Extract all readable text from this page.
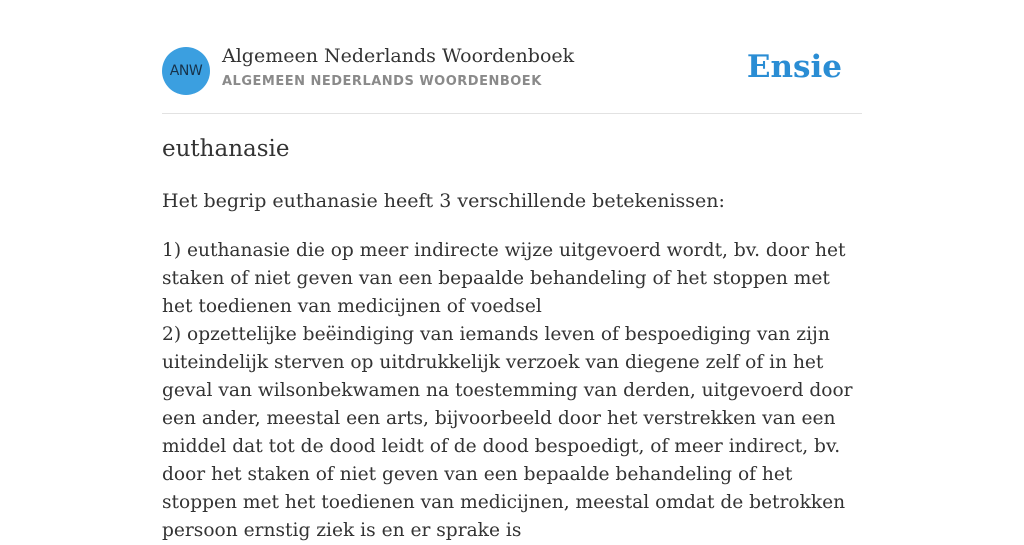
ANW
Algemeen Nederlands Woordenboek
ALGEMEEN NEDERLANDS WOORDENBOEK	Ensie
euthanasie

Het begrip euthanasie heeft 3 verschillende betekenissen:

1) euthanasie die op meer indirecte wijze uitgevoerd wordt, bv. door het staken of niet geven van een bepaalde behandeling of het stoppen met het toedienen van medicijnen of voedsel
2) opzettelijke beëindiging van iemands leven of bespoediging van zijn uiteindelijk sterven op uitdrukkelijk verzoek van diegene zelf of in het geval van wilsonbekwamen na toestemming van derden, uitgevoerd door een ander, meestal een arts, bijvoorbeeld door het verstrekken van een middel dat tot de dood leidt of de dood bespoedigt, of meer indirect, bv. door het staken of niet geven van een bepaalde behandeling of het stoppen met het toedienen van medicijnen, meestal omdat de betrokken persoon ernstig ziek is en er sprake is
